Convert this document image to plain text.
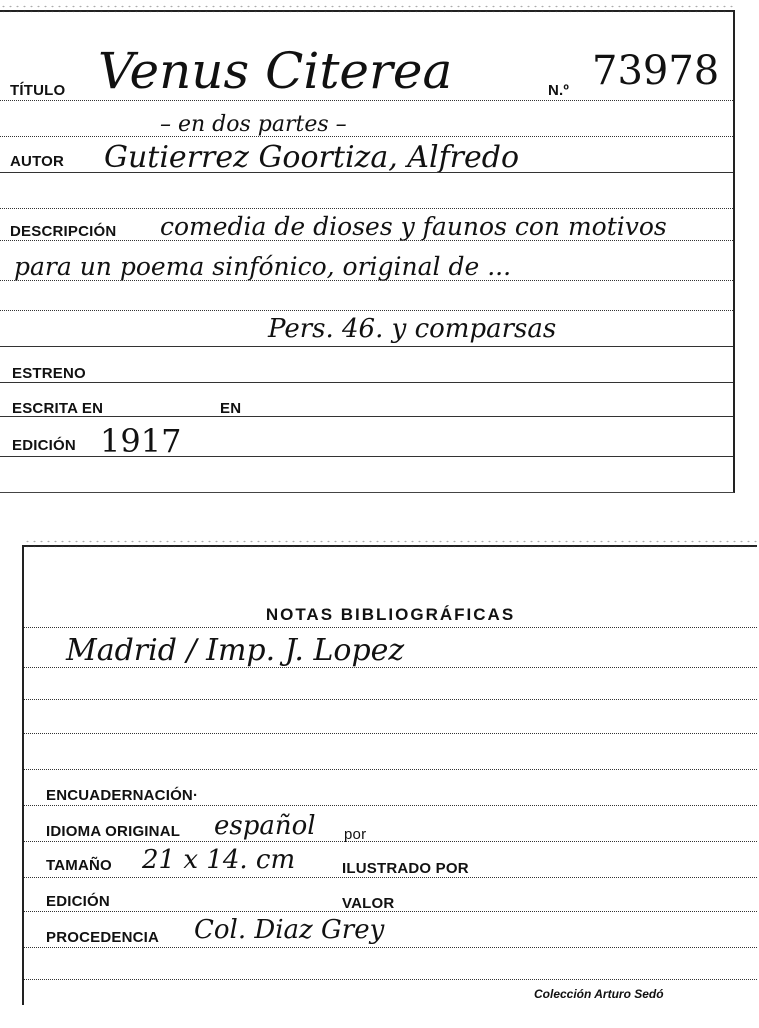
TÍTULO Venus Citerea	N.º 73978
– en dos partes –
AUTOR Gutierrez Goortiza, Alfredo
DESCRIPCIÓN comedia de dioses y faunos con motivos
para un poema sinfónico, original de ...
Pers. 46. y comparsas
ESTRENO
ESCRITA EN	EN
EDICIÓN 1917
NOTAS BIBLIOGRÁFICAS
Madrid / Imp. J. Lopez
ENCUADERNACIÓN·
IDIOMA ORIGINAL español por
TAMAÑO 21 x 14. cm	ILUSTRADO POR
EDICIÓN	VALOR
PROCEDENCIA Col. Diaz Grey
Colección Arturo Sedó
